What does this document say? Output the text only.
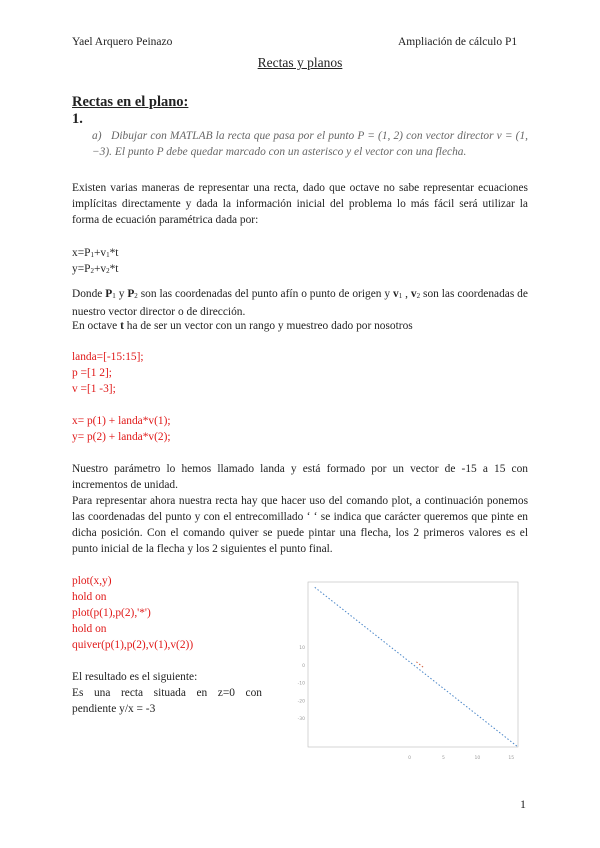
Yael Arquero Peinazo	Ampliación de cálculo P1
Rectas y planos
Rectas en el plano:
1.
a) Dibujar con MATLAB la recta que pasa por el punto P = (1, 2) con vector director v = (1, −3). El punto P debe quedar marcado con un asterisco y el vector con una flecha.
Existen varias maneras de representar una recta, dado que octave no sabe representar ecuaciones implícitas directamente y dada la información inicial del problema lo más fácil será utilizar la forma de ecuación paramétrica dada por:
$x=P_1+v_1*t$
$y=P_2+v_2*t$
Donde $P_1$ y $P_2$ son las coordenadas del punto afín o punto de origen y $v_1$ , $v_2$ son las coordenadas de nuestro vector director o de dirección.
En octave t ha de ser un vector con un rango y muestreo dado por nosotros
landa=[-15:15];
p =[1 2];
v =[1 -3];
x= p(1) + landa*v(1);
y= p(2) + landa*v(2);
Nuestro parámetro lo hemos llamado landa y está formado por un vector de -15 a 15 con incrementos de unidad.
Para representar ahora nuestra recta hay que hacer uso del comando plot, a continuación ponemos las coordenadas del punto y con el entrecomillado ‘ ‘ se indica que carácter queremos que pinte en dicha posición. Con el comando quiver se puede pintar una flecha, los 2 primeros valores es el punto inicial de la flecha y los 2 siguientes el punto final.
plot(x,y)
hold on
plot(p(1),p(2),'*')
hold on
quiver(p(1),p(2),v(1),v(2))
El resultado es el siguiente:
Es una recta situada en z=0 con pendiente y/x = -3
0	5	10	15
10
0
-10
-20
-30
1
